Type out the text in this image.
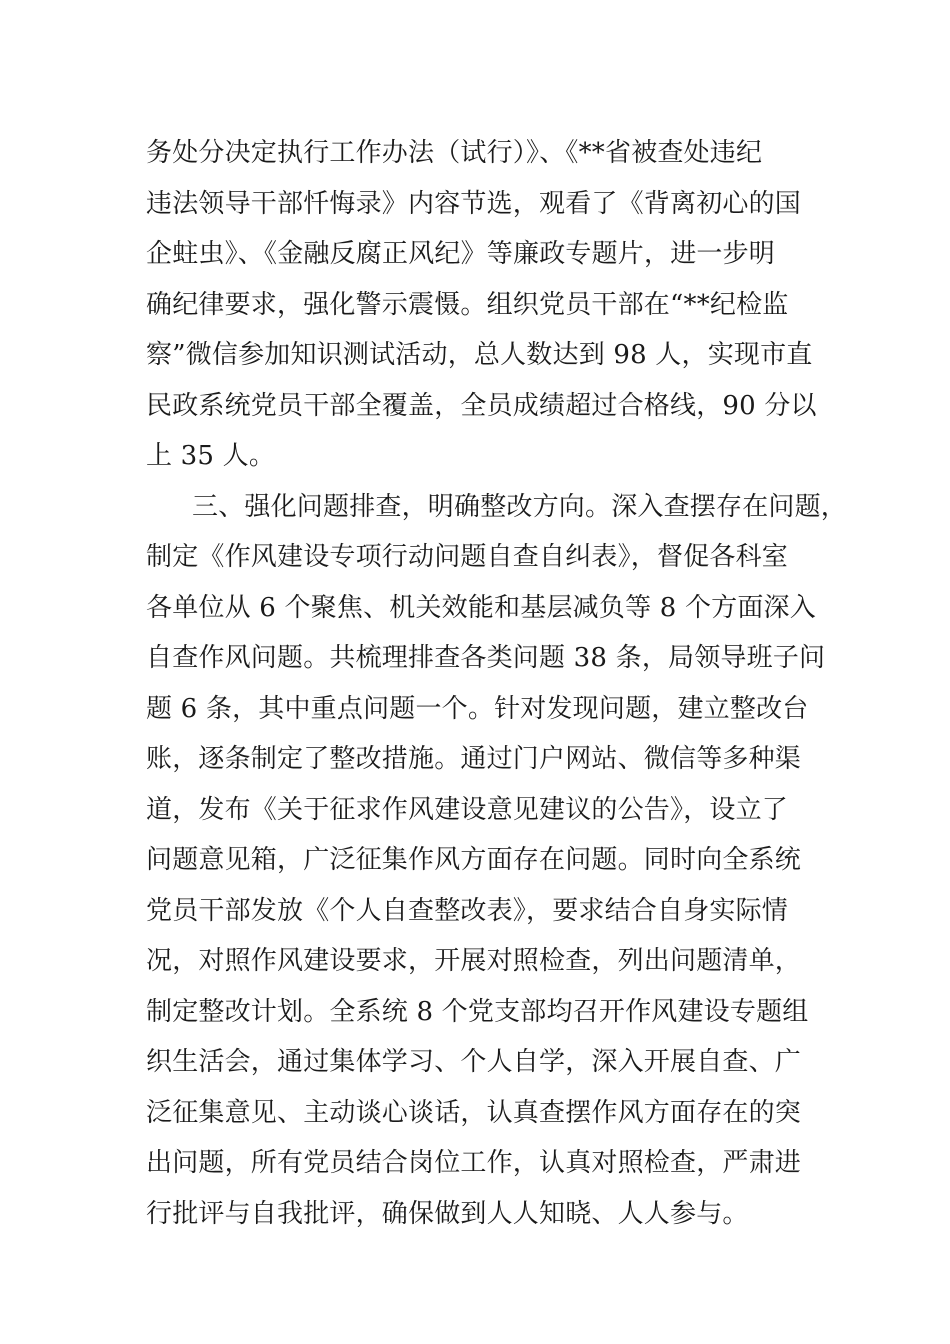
务处分决定执行工作办法（试行）》、《**省被查处违纪
违法领导干部忏悔录》内容节选，观看了《背离初心的国
企蛀虫》、《金融反腐正风纪》等廉政专题片，进一步明
确纪律要求，强化警示震慑。组织党员干部在“**纪检监
察”微信参加知识测试活动，总人数达到 98 人，实现市直
民政系统党员干部全覆盖，全员成绩超过合格线，90 分以
上 35 人。
三、强化问题排查，明确整改方向。深入查摆存在问题，
制定《作风建设专项行动问题自查自纠表》，督促各科室
各单位从 6 个聚焦、机关效能和基层减负等 8 个方面深入
自查作风问题。共梳理排查各类问题 38 条，局领导班子问
题 6 条，其中重点问题一个。针对发现问题，建立整改台
账，逐条制定了整改措施。通过门户网站、微信等多种渠
道，发布《关于征求作风建设意见建议的公告》，设立了
问题意见箱，广泛征集作风方面存在问题。同时向全系统
党员干部发放《个人自查整改表》，要求结合自身实际情
况，对照作风建设要求，开展对照检查，列出问题清单，
制定整改计划。全系统 8 个党支部均召开作风建设专题组
织生活会，通过集体学习、个人自学，深入开展自查、广
泛征集意见、主动谈心谈话，认真查摆作风方面存在的突
出问题，所有党员结合岗位工作，认真对照检查，严肃进
行批评与自我批评，确保做到人人知晓、人人参与。
